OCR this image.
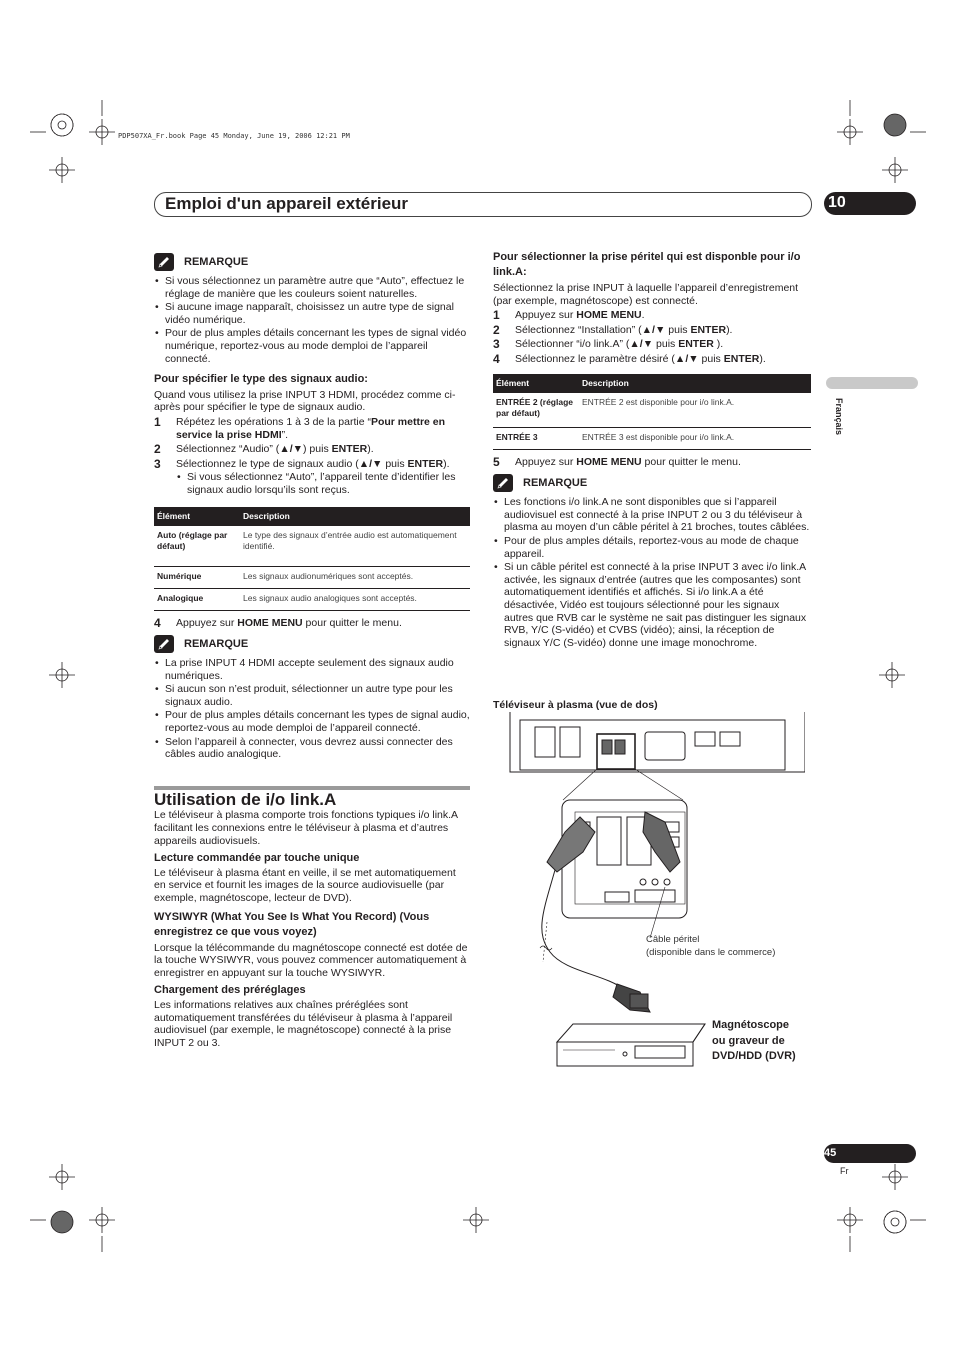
PDP507XA_Fr.book Page 45 Monday, June 19, 2006 12:21 PM
Emploi d'un appareil extérieur	10
Français
REMARQUE
• Si vous sélectionnez un paramètre autre que “Auto”, effectuez le réglage de manière que les couleurs soient naturelles.
• Si aucune image napparaît, choisissez un autre type de signal vidéo numérique.
• Pour de plus amples détails concernant les types de signal vidéo numérique, reportez-vous au mode demploi de l’appareil connecté.
Pour spécifier le type des signaux audio:

Quand vous utilisez la prise INPUT 3 HDMI, procédez comme ci-après pour spécifier le type de signaux audio.

1	Répétez les opérations 1 à 3 de la partie “Pour mettre en service la prise HDMI”.
2	Sélectionnez “Audio” (▲/▼) puis ENTER).
3	Sélectionnez le type de signaux audio (▲/▼ puis ENTER).
• Si vous sélectionnez “Auto”, l’appareil tente d’identifier les signaux audio lorsqu’ils sont reçus.
Élément	Description
Auto (réglage par défaut)	Le type des signaux d’entrée audio est automatiquement identifié.
Numérique	Les signaux audionumériques sont acceptés.
Analogique	Les signaux audio analogiques sont acceptés.
4	Appuyez sur HOME MENU pour quitter le menu.
REMARQUE
• La prise INPUT 4 HDMI accepte seulement des signaux audio numériques.
• Si aucun son n’est produit, sélectionner un autre type pour les signaux audio.
• Pour de plus amples détails concernant les types de signal audio, reportez-vous au mode demploi de l’appareil connecté.
• Selon l’appareil à connecter, vous devrez aussi connecter des câbles audio analogique.
Utilisation de i/o link.A

Le téléviseur à plasma comporte trois fonctions typiques i/o link.A facilitant les connexions entre le téléviseur à plasma et d’autres appareils audiovisuels.

Lecture commandée par touche unique

Le téléviseur à plasma étant en veille, il se met automatiquement en service et fournit les images de la source audiovisuelle (par exemple, magnétoscope, lecteur de DVD).

WYSIWYR (What You See Is What You Record) (Vous enregistrez ce que vous voyez)

Lorsque la télécommande du magnétoscope connecté est dotée de la touche WYSIWYR, vous pouvez commencer automatiquement à enregistrer en appuyant sur la touche WYSIWYR.

Chargement des préréglages

Les informations relatives aux chaînes préréglées sont automatiquement transférées du téléviseur à plasma à l’appareil audiovisuel (par exemple, le magnétoscope) connecté à la prise INPUT 2 ou 3.

Pour sélectionner la prise péritel qui est disponble pour i/o link.A:

Sélectionnez la prise INPUT à laquelle l’appareil d’enregistrement (par exemple, magnétoscope) est connecté.

1	Appuyez sur HOME MENU.
2	Sélectionnez “Installation” (▲/▼ puis ENTER).
3	Sélectionner “i/o link.A” (▲/▼ puis ENTER ).
4	Sélectionnez le paramètre désiré (▲/▼ puis ENTER).
Élément	Description
ENTRÉE 2 (réglage par défaut)	ENTRÉE 2 est disponible pour i/o link.A.
ENTRÉE 3	ENTRÉE 3 est disponible pour i/o link.A.
5	Appuyez sur HOME MENU pour quitter le menu.
REMARQUE
• Les fonctions i/o link.A ne sont disponibles que si l’appareil audiovisuel est connecté à la prise INPUT 2 ou 3 du téléviseur à plasma au moyen d’un câble péritel à 21 broches, toutes câblées.
• Pour de plus amples détails, reportez-vous au mode de chaque appareil.
• Si un câble péritel est connecté à la prise INPUT 3 avec i/o link.A activée, les signaux d’entrée (autres que les composantes) sont automatiquement identifiés et affichés. Si i/o link.A a été désactivée, Vidéo est toujours sélectionné pour les signaux autres que RVB car le système ne sait pas distinguer les signaux RVB, Y/C (S-vidéo) et CVBS (vidéo); ainsi, la réception de signaux Y/C (S-vidéo) donne une image monochrome.
Téléviseur à plasma (vue de dos)
Câble péritel
(disponible dans le commerce)
Magnétoscope
ou graveur de
DVD/HDD (DVR)
45
Fr
